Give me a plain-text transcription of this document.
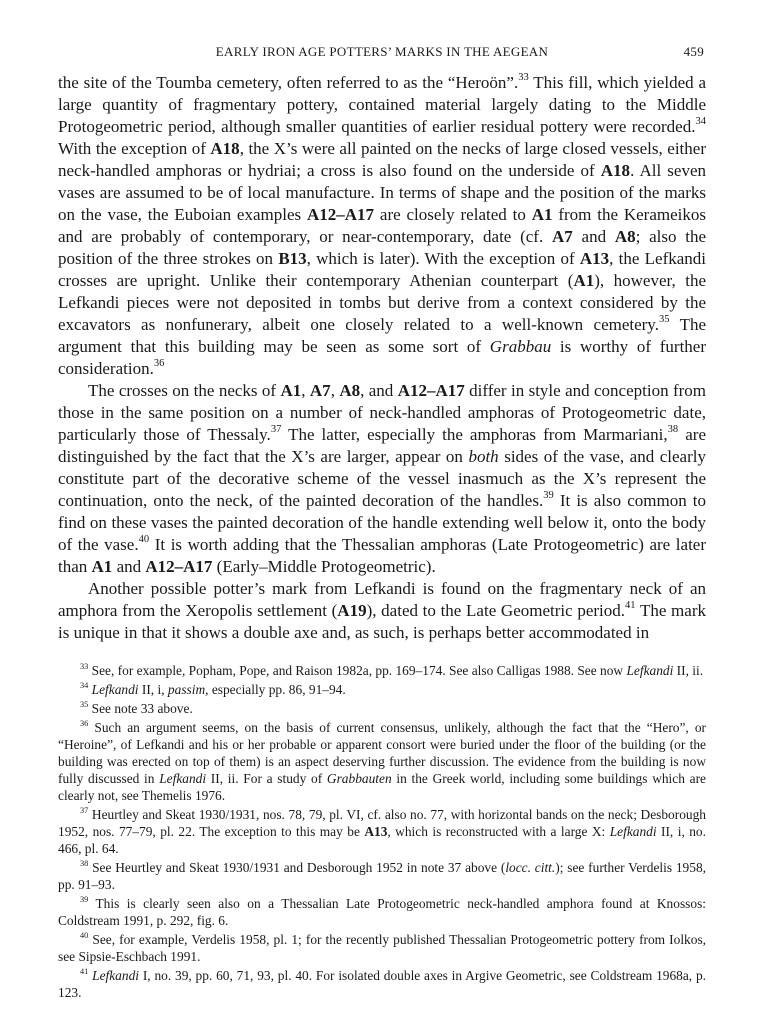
EARLY IRON AGE POTTERS’ MARKS IN THE AEGEAN	459

the site of the Toumba cemetery, often referred to as the “Heroön”.$^{33}$ This fill, which yielded a large quantity of fragmentary pottery, contained material largely dating to the Middle Protogeometric period, although smaller quantities of earlier residual pottery were recorded.$^{34}$ With the exception of A18, the X’s were all painted on the necks of large closed vessels, either neck-handled amphoras or hydriai; a cross is also found on the underside of A18. All seven vases are assumed to be of local manufacture. In terms of shape and the position of the marks on the vase, the Euboian examples A12–A17 are closely related to A1 from the Kerameikos and are probably of contemporary, or near-contemporary, date (cf. A7 and A8; also the position of the three strokes on B13, which is later). With the exception of A13, the Lefkandi crosses are upright. Unlike their contemporary Athenian counterpart (A1), however, the Lefkandi pieces were not deposited in tombs but derive from a context considered by the excavators as nonfunerary, albeit one closely related to a well-known cemetery.$^{35}$ The argument that this building may be seen as some sort of Grabbau is worthy of further consideration.$^{36}$

The crosses on the necks of A1, A7, A8, and A12–A17 differ in style and conception from those in the same position on a number of neck-handled amphoras of Protogeometric date, particularly those of Thessaly.$^{37}$ The latter, especially the amphoras from Marmariani,$^{38}$ are distinguished by the fact that the X’s are larger, appear on both sides of the vase, and clearly constitute part of the decorative scheme of the vessel inasmuch as the X’s represent the continuation, onto the neck, of the painted decoration of the handles.$^{39}$ It is also common to find on these vases the painted decoration of the handle extending well below it, onto the body of the vase.$^{40}$ It is worth adding that the Thessalian amphoras (Late Protogeometric) are later than A1 and A12–A17 (Early–Middle Protogeometric).

Another possible potter’s mark from Lefkandi is found on the fragmentary neck of an amphora from the Xeropolis settlement (A19), dated to the Late Geometric period.$^{41}$ The mark is unique in that it shows a double axe and, as such, is perhaps better accommodated in

$^{33}$ See, for example, Popham, Pope, and Raison 1982a, pp. 169–174. See also Calligas 1988. See now Lefkandi II, ii.

$^{34}$ Lefkandi II, i, passim, especially pp. 86, 91–94.

$^{35}$ See note 33 above.

$^{36}$ Such an argument seems, on the basis of current consensus, unlikely, although the fact that the “Hero”, or “Heroine”, of Lefkandi and his or her probable or apparent consort were buried under the floor of the building (or the building was erected on top of them) is an aspect deserving further discussion. The evidence from the building is now fully discussed in Lefkandi II, ii. For a study of Grabbauten in the Greek world, including some buildings which are clearly not, see Themelis 1976.

$^{37}$ Heurtley and Skeat 1930/1931, nos. 78, 79, pl. VI, cf. also no. 77, with horizontal bands on the neck; Desborough 1952, nos. 77–79, pl. 22. The exception to this may be A13, which is reconstructed with a large X: Lefkandi II, i, no. 466, pl. 64.

$^{38}$ See Heurtley and Skeat 1930/1931 and Desborough 1952 in note 37 above (locc. citt.); see further Verdelis 1958, pp. 91–93.

$^{39}$ This is clearly seen also on a Thessalian Late Protogeometric neck-handled amphora found at Knossos: Coldstream 1991, p. 292, fig. 6.

$^{40}$ See, for example, Verdelis 1958, pl. 1; for the recently published Thessalian Protogeometric pottery from Iolkos, see Sipsie-Eschbach 1991.

$^{41}$ Lefkandi I, no. 39, pp. 60, 71, 93, pl. 40. For isolated double axes in Argive Geometric, see Coldstream 1968a, p. 123.
